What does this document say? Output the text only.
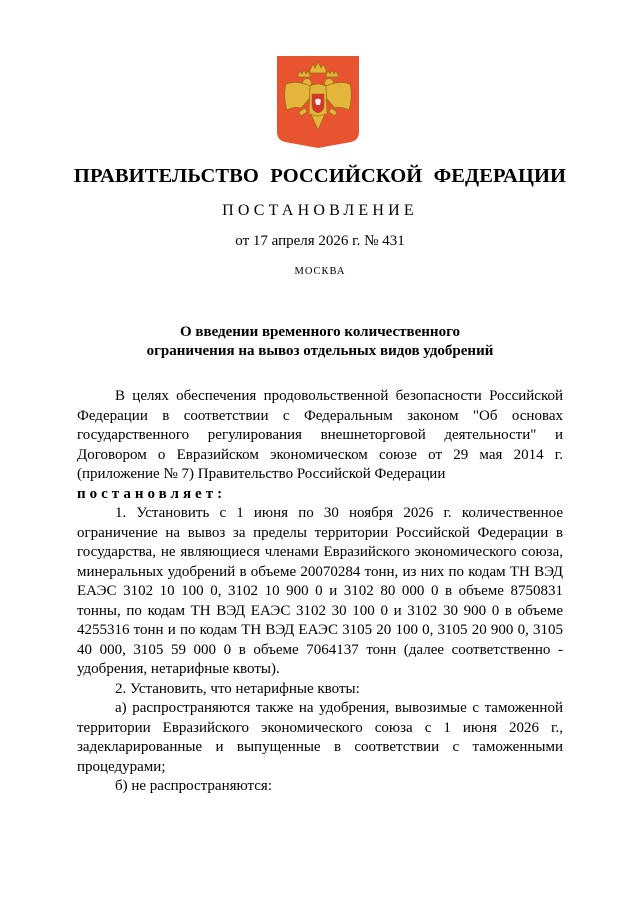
ПРАВИТЕЛЬСТВО РОССИЙСКОЙ ФЕДЕРАЦИИ
ПОСТАНОВЛЕНИЕ
от 17 апреля 2026 г. № 431
МОСКВА
О введении временного количественного
ограничения на вывоз отдельных видов удобрений

В целях обеспечения продовольственной безопасности Российской Федерации в соответствии с Федеральным законом "Об основах государственного регулирования внешнеторговой деятельности" и Договором о Евразийском экономическом союзе от 29 мая 2014 г. (приложение № 7) Правительство Российской Федерации

постановляет:

1. Установить с 1 июня по 30 ноября 2026 г. количественное ограничение на вывоз за пределы территории Российской Федерации в государства, не являющиеся членами Евразийского экономического союза, минеральных удобрений в объеме 20070284 тонн, из них по кодам ТН ВЭД ЕАЭС 3102 10 100 0, 3102 10 900 0 и 3102 80 000 0 в объеме 8750831 тонны, по кодам ТН ВЭД ЕАЭС 3102 30 100 0 и 3102 30 900 0 в объеме 4255316 тонн и по кодам ТН ВЭД ЕАЭС 3105 20 100 0, 3105 20 900 0, 3105 40 000, 3105 59 000 0 в объеме 7064137 тонн (далее соответственно - удобрения, нетарифные квоты).

2. Установить, что нетарифные квоты:

а) распространяются также на удобрения, вывозимые с таможенной территории Евразийского экономического союза с 1 июня 2026 г., задекларированные и выпущенные в соответствии с таможенными процедурами;

б) не распространяются:
